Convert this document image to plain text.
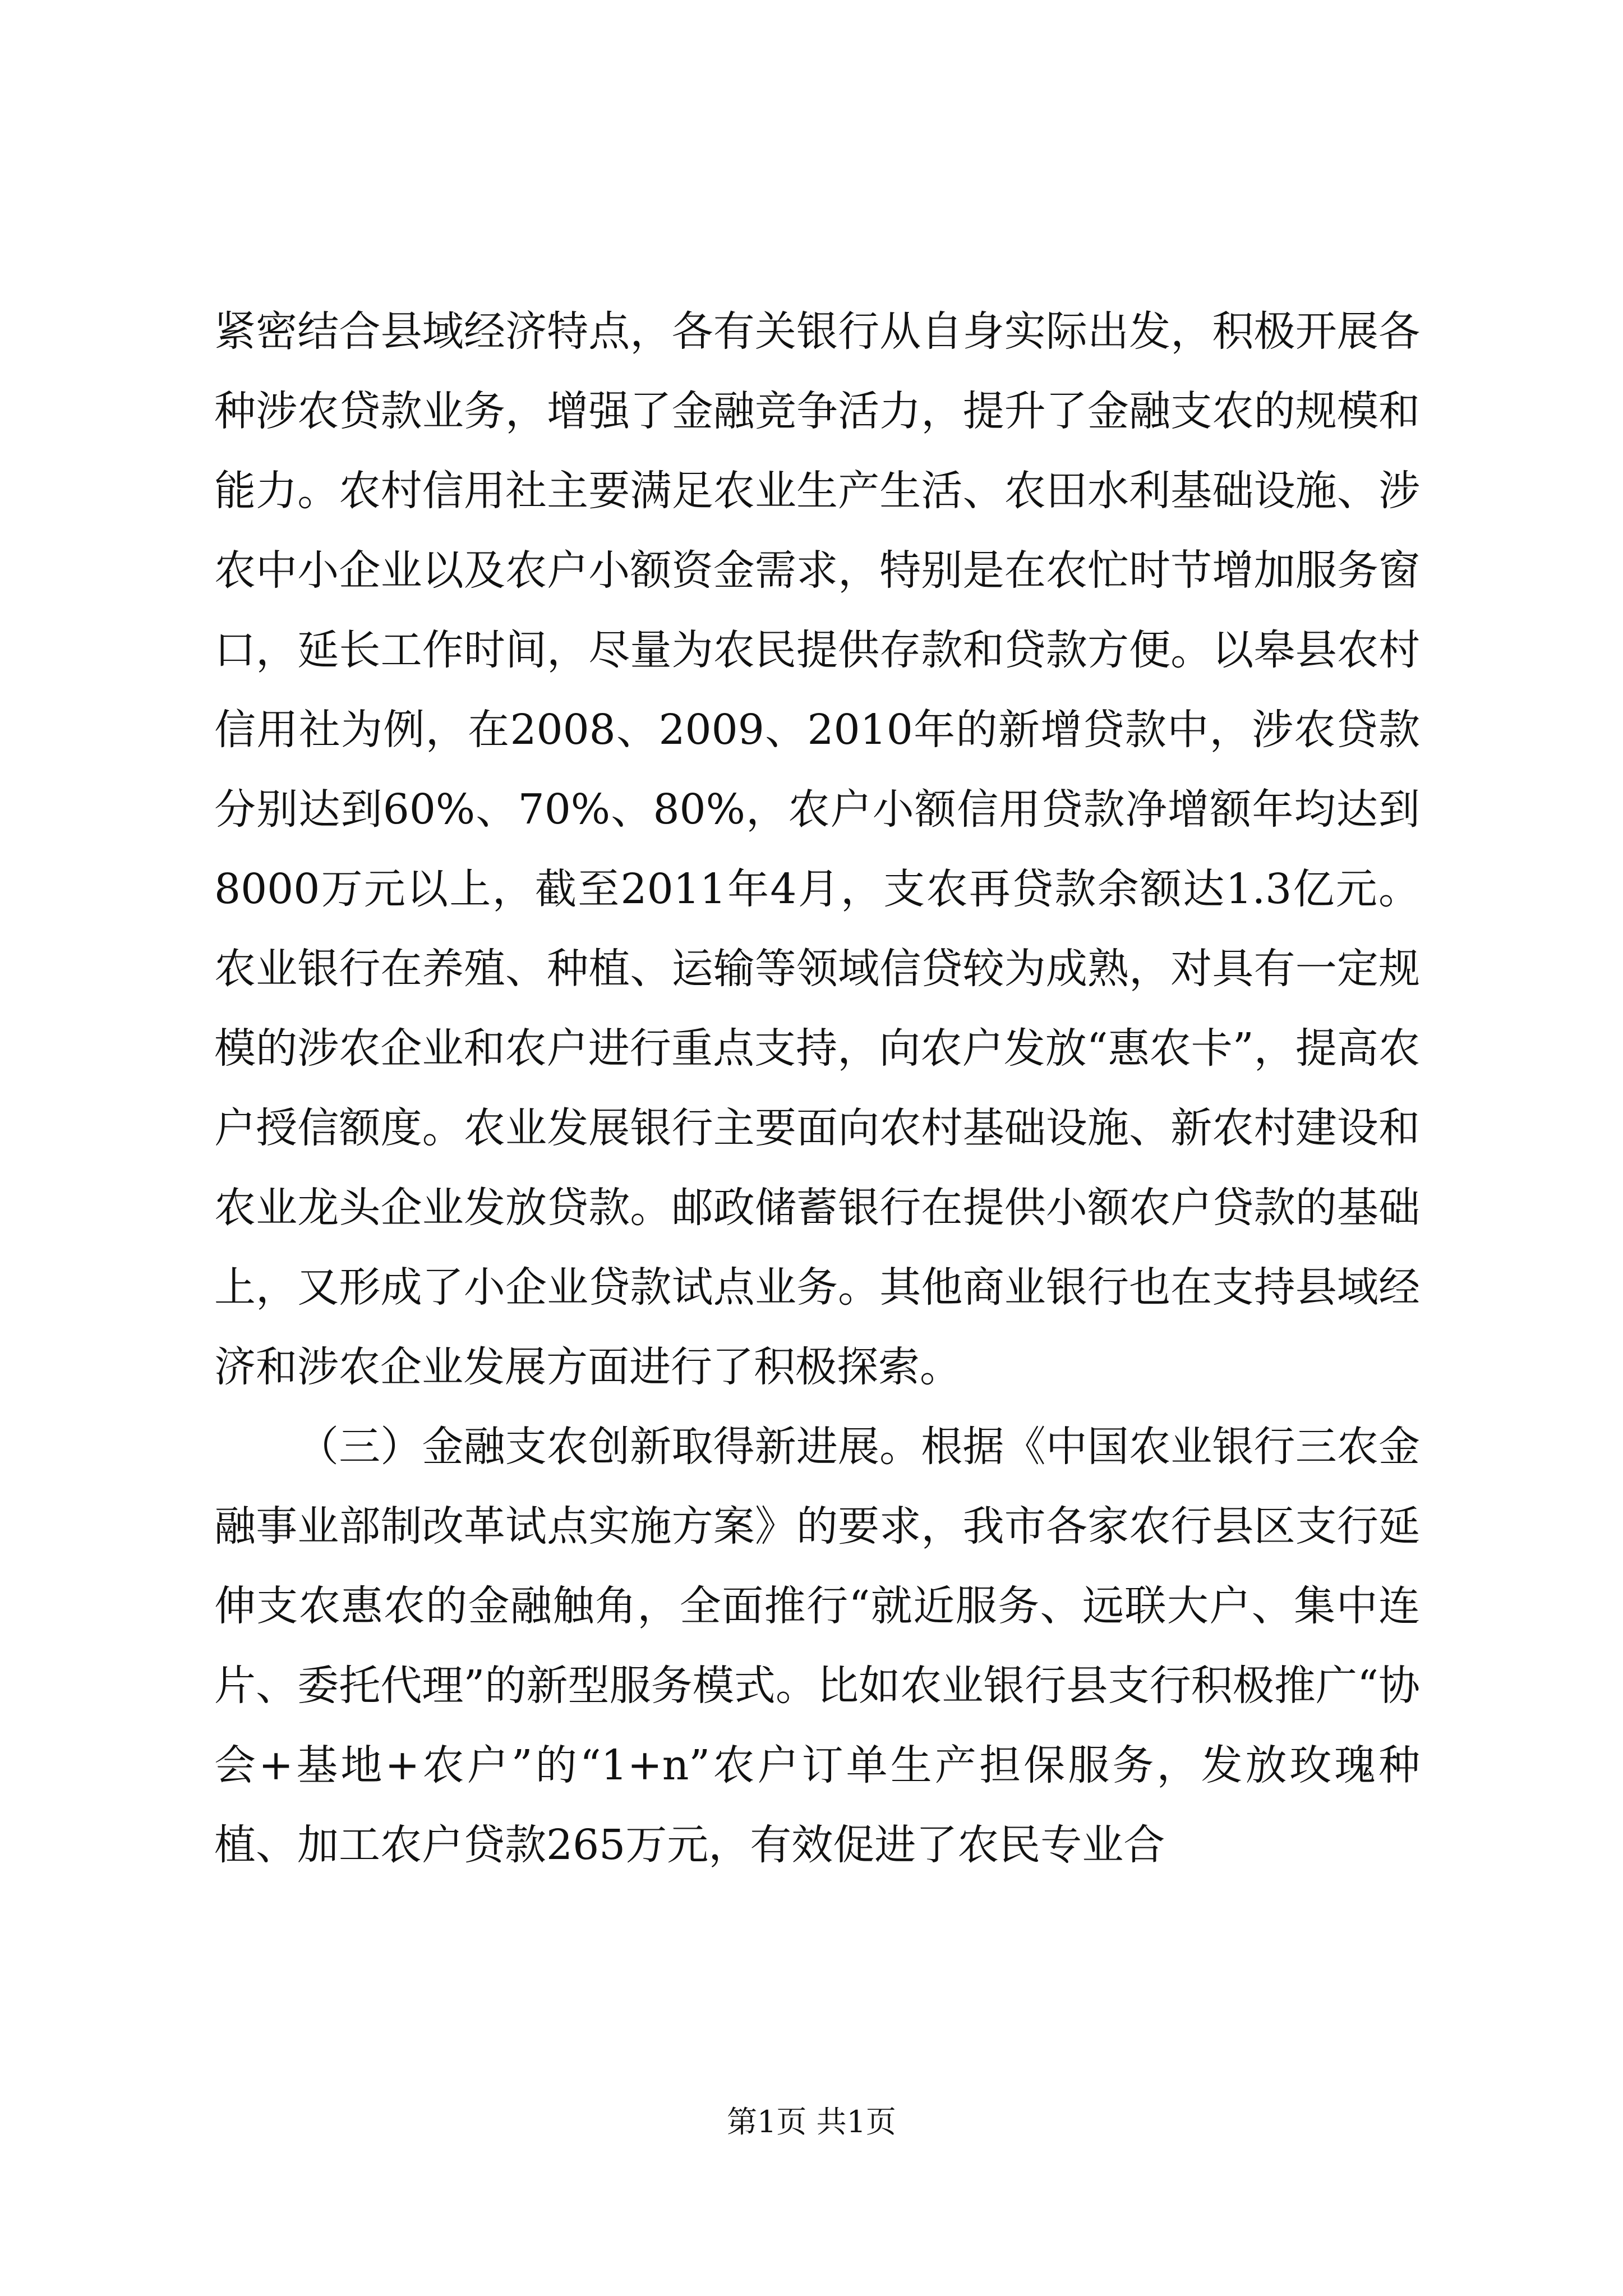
紧密结合县域经济特点，各有关银行从自身实际出发，积极开展各种涉农贷款业务，增强了金融竞争活力，提升了金融支农的规模和能力。农村信用社主要满足农业生产生活、农田水利基础设施、涉农中小企业以及农户小额资金需求，特别是在农忙时节增加服务窗口，延长工作时间，尽量为农民提供存款和贷款方便。以皋县农村信用社为例，在2008、2009、2010年的新增贷款中，涉农贷款分别达到60%、70%、80%，农户小额信用贷款净增额年均达到8000万元以上，截至2011年4月，支农再贷款余额达1.3亿元。农业银行在养殖、种植、运输等领域信贷较为成熟，对具有一定规模的涉农企业和农户进行重点支持，向农户发放“惠农卡”，提高农户授信额度。农业发展银行主要面向农村基础设施、新农村建设和农业龙头企业发放贷款。邮政储蓄银行在提供小额农户贷款的基础上，又形成了小企业贷款试点业务。其他商业银行也在支持县域经济和涉农企业发展方面进行了积极探索。

（三）金融支农创新取得新进展。根据《中国农业银行三农金融事业部制改革试点实施方案》的要求，我市各家农行县区支行延伸支农惠农的金融触角，全面推行“就近服务、远联大户、集中连片、委托代理”的新型服务模式。比如农业银行县支行积极推广“协会+基地+农户”的“1+n”农户订单生产担保服务，发放玫瑰种植、加工农户贷款265万元，有效促进了农民专业合

第1页 共1页
